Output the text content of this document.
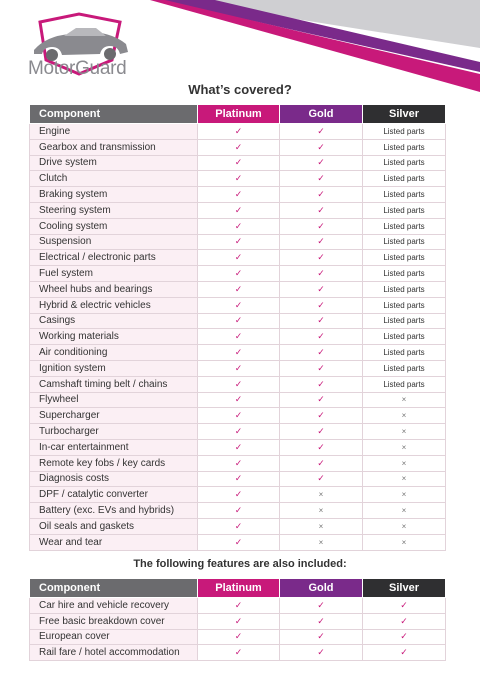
MotorGuard
What’s covered?
Component	Platinum	Gold	Silver
Engine	✓	✓	Listed parts
Gearbox and transmission	✓	✓	Listed parts
Drive system	✓	✓	Listed parts
Clutch	✓	✓	Listed parts
Braking system	✓	✓	Listed parts
Steering system	✓	✓	Listed parts
Cooling system	✓	✓	Listed parts
Suspension	✓	✓	Listed parts
Electrical / electronic parts	✓	✓	Listed parts
Fuel system	✓	✓	Listed parts
Wheel hubs and bearings	✓	✓	Listed parts
Hybrid & electric vehicles	✓	✓	Listed parts
Casings	✓	✓	Listed parts
Working materials	✓	✓	Listed parts
Air conditioning	✓	✓	Listed parts
Ignition system	✓	✓	Listed parts
Camshaft timing belt / chains	✓	✓	Listed parts
Flywheel	✓	✓	×
Supercharger	✓	✓	×
Turbocharger	✓	✓	×
In-car entertainment	✓	✓	×
Remote key fobs / key cards	✓	✓	×
Diagnosis costs	✓	✓	×
DPF / catalytic converter	✓	×	×
Battery (exc. EVs and hybrids)	✓	×	×
Oil seals and gaskets	✓	×	×
Wear and tear	✓	×	×
The following features are also included:
Component	Platinum	Gold	Silver
Car hire and vehicle recovery	✓	✓	✓
Free basic breakdown cover	✓	✓	✓
European cover	✓	✓	✓
Rail fare / hotel accommodation	✓	✓	✓
